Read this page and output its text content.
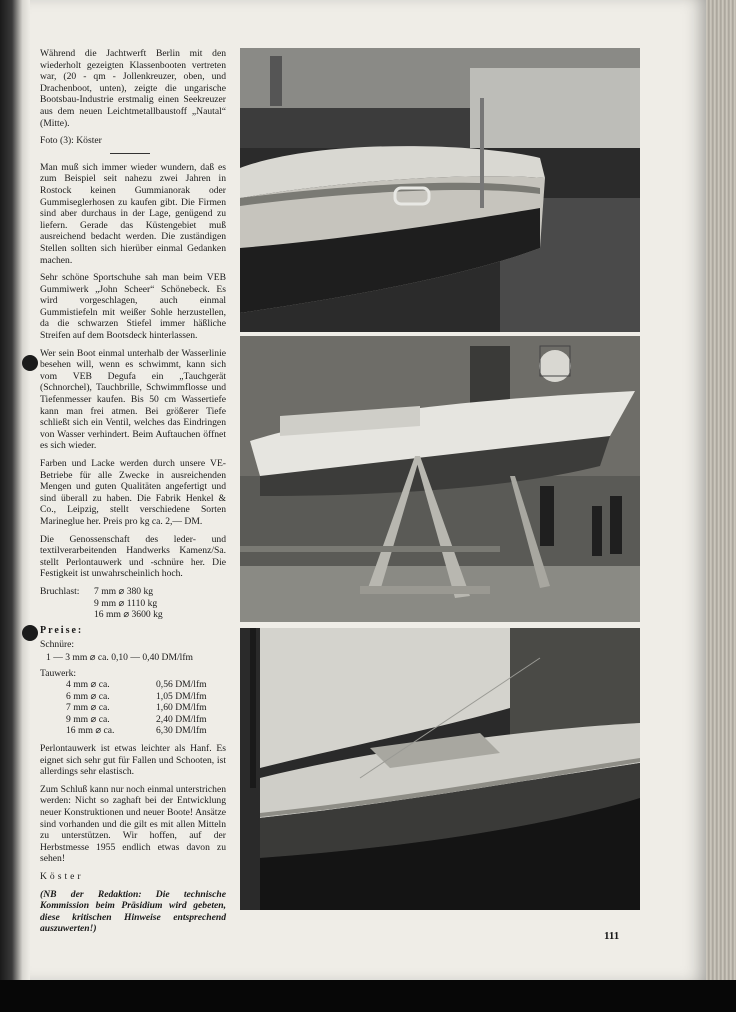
Während die Jachtwerft Berlin mit den wiederholt gezeigten Klassenbooten vertreten war, (20 - qm - Jollenkreuzer, oben, und Drachenboot, unten), zeigte die ungarische Bootsbau-Industrie erstmalig einen Seekreuzer aus dem neuen Leichtmetallbaustoff „Nautal“ (Mitte).

Foto (3): Köster

Man muß sich immer wieder wundern, daß es zum Beispiel seit nahezu zwei Jahren in Rostock keinen Gummianorak oder Gummiseglerhosen zu kaufen gibt. Die Firmen sind aber durchaus in der Lage, genügend zu liefern. Gerade das Küstengebiet muß ausreichend bedacht werden. Die zuständigen Stellen sollten sich hierüber einmal Gedanken machen.

Sehr schöne Sportschuhe sah man beim VEB Gummiwerk „John Scheer“ Schönebeck. Es wird vorgeschlagen, auch einmal Gummistiefeln mit weißer Sohle herzustellen, da die schwarzen Stiefel immer häßliche Streifen auf dem Bootsdeck hinterlassen.

Wer sein Boot einmal unterhalb der Wasserlinie besehen will, wenn es schwimmt, kann sich vom VEB Degufa ein „Tauchgerät (Schnorchel), Tauchbrille, Schwimmflosse und Tiefenmesser kaufen. Bis 50 cm Wassertiefe kann man frei atmen. Bei größerer Tiefe schließt sich ein Ventil, welches das Eindringen von Wasser verhindert. Beim Auftauchen öffnet es sich wieder.

Farben und Lacke werden durch unsere VE-Betriebe für alle Zwecke in ausreichenden Mengen und guten Qualitäten angefertigt und sind überall zu haben. Die Fabrik Henkel & Co., Leipzig, stellt verschiedene Sorten Marineglue her. Preis pro kg ca. 2,— DM.

Die Genossenschaft des leder- und textilverarbeitenden Handwerks Kamenz/Sa. stellt Perlontauwerk und -schnüre her. Die Festigkeit ist unwahrscheinlich hoch.

Bruchlast:	7 mm ⌀ 380 kg
9 mm ⌀ 1110 kg
16 mm ⌀ 3600 kg
Preise:
Schnüre:
1 — 3 mm ⌀ ca. 0,10 — 0,40 DM/lfm
Tauwerk:
4 mm ⌀ ca.	0,56 DM/lfm
6 mm ⌀ ca.	1,05 DM/lfm
7 mm ⌀ ca.	1,60 DM/lfm
9 mm ⌀ ca.	2,40 DM/lfm
16 mm ⌀ ca.	6,30 DM/lfm

Perlontauwerk ist etwas leichter als Hanf. Es eignet sich sehr gut für Fallen und Schooten, ist allerdings sehr elastisch.

Zum Schluß kann nur noch einmal unterstrichen werden: Nicht so zaghaft bei der Entwicklung neuer Konstruktionen und neuer Boote! Ansätze sind vorhanden und die gilt es mit allen Mitteln zu unterstützen. Wir hoffen, auf der Herbstmesse 1955 endlich etwas davon zu sehen!

Köster

(NB der Redaktion: Die technische Kommission beim Präsidium wird gebeten, diese kritischen Hinweise entsprechend auszuwerten!)

111
